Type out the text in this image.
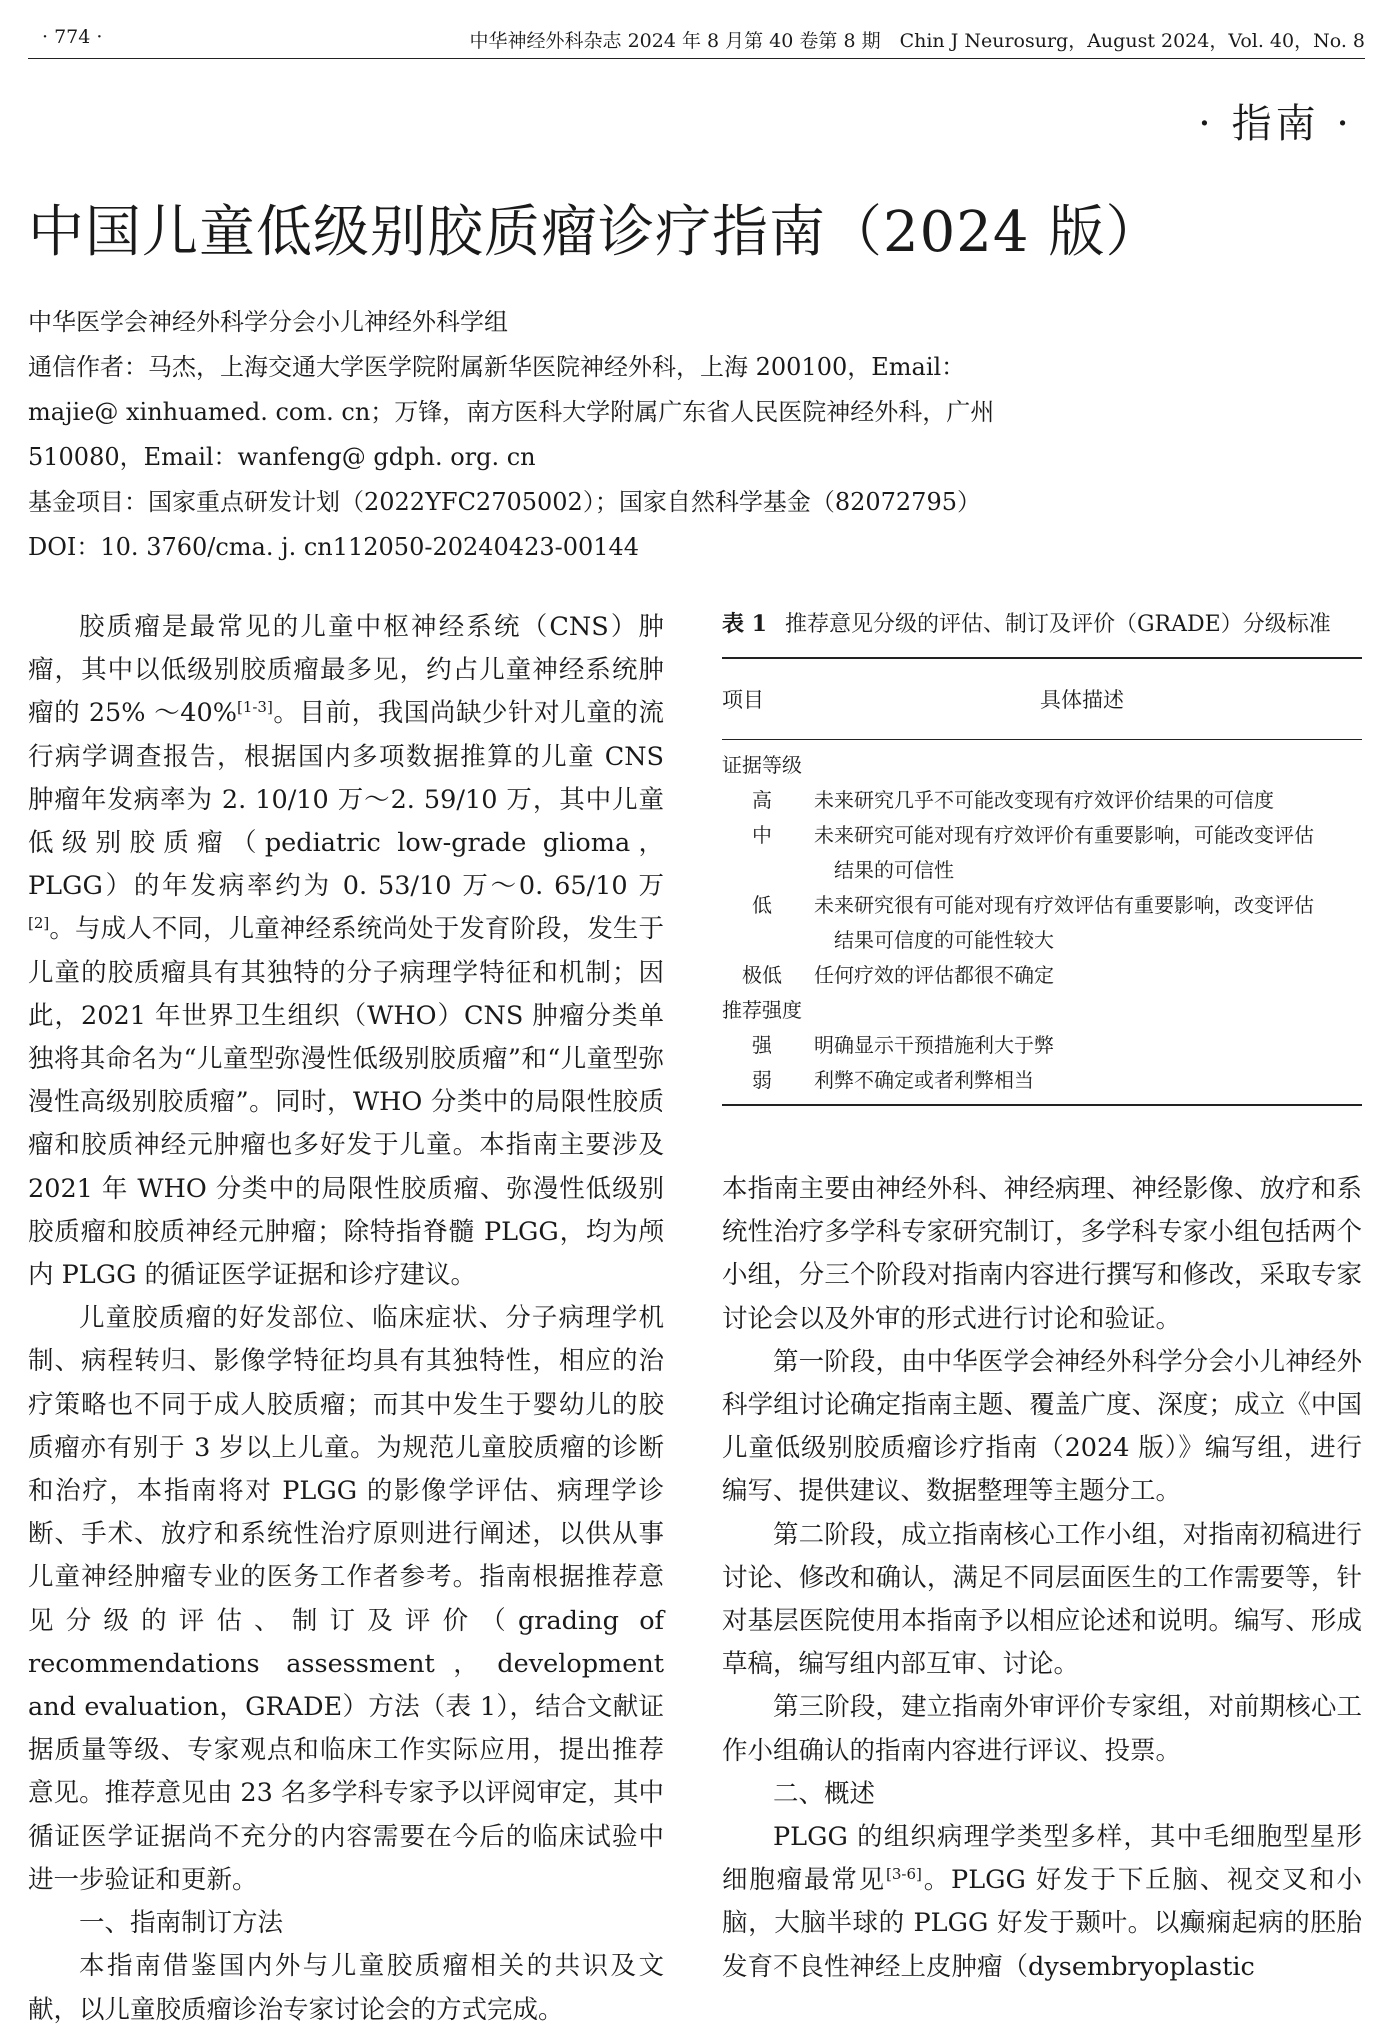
· 774 ·	中华神经外科杂志 2024 年 8 月第 40 卷第 8 期　Chin J Neurosurg，August 2024，Vol. 40，No. 8
· 指南 ·
中国儿童低级别胶质瘤诊疗指南（2024 版）
中华医学会神经外科学分会小儿神经外科学组
通信作者：马杰，上海交通大学医学院附属新华医院神经外科，上海 200100，Email：
majie@ xinhuamed. com. cn；万锋，南方医科大学附属广东省人民医院神经外科，广州
510080，Email：wanfeng@ gdph. org. cn
基金项目：国家重点研发计划（2022YFC2705002）；国家自然科学基金（82072795）
DOI：10. 3760/cma. j. cn112050-20240423-00144

胶质瘤是最常见的儿童中枢神经系统（CNS）肿瘤，其中以低级别胶质瘤最多见，约占儿童神经系统肿瘤的 25% ～40%[1-3]。目前，我国尚缺少针对儿童的流行病学调查报告，根据国内多项数据推算的儿童 CNS 肿瘤年发病率为 2. 10/10 万～2. 59/10 万，其中儿童低级别胶质瘤（pediatric low-grade glioma，PLGG）的年发病率约为 0. 53/10 万～0. 65/10 万[2]。与成人不同，儿童神经系统尚处于发育阶段，发生于儿童的胶质瘤具有其独特的分子病理学特征和机制；因此，2021 年世界卫生组织（WHO）CNS 肿瘤分类单独将其命名为“儿童型弥漫性低级别胶质瘤”和“儿童型弥漫性高级别胶质瘤”。同时，WHO 分类中的局限性胶质瘤和胶质神经元肿瘤也多好发于儿童。本指南主要涉及 2021 年 WHO 分类中的局限性胶质瘤、弥漫性低级别胶质瘤和胶质神经元肿瘤；除特指脊髓 PLGG，均为颅内 PLGG 的循证医学证据和诊疗建议。

儿童胶质瘤的好发部位、临床症状、分子病理学机制、病程转归、影像学特征均具有其独特性，相应的治疗策略也不同于成人胶质瘤；而其中发生于婴幼儿的胶质瘤亦有别于 3 岁以上儿童。为规范儿童胶质瘤的诊断和治疗，本指南将对 PLGG 的影像学评估、病理学诊断、手术、放疗和系统性治疗原则进行阐述，以供从事儿童神经肿瘤专业的医务工作者参考。指南根据推荐意见分级的评估、制订及评价（grading of recommendations assessment，development and evaluation，GRADE）方法（表 1），结合文献证据质量等级、专家观点和临床工作实际应用，提出推荐意见。推荐意见由 23 名多学科专家予以评阅审定，其中循证医学证据尚不充分的内容需要在今后的临床试验中进一步验证和更新。

一、指南制订方法

本指南借鉴国内外与儿童胶质瘤相关的共识及文献，以儿童胶质瘤诊治专家讨论会的方式完成。

表 1 推荐意见分级的评估、制订及评价（GRADE）分级标准
项目	具体描述
证据等级
高	未来研究几乎不可能改变现有疗效评价结果的可信度
中	未来研究可能对现有疗效评价有重要影响，可能改变评估
结果的可信性
低	未来研究很有可能对现有疗效评估有重要影响，改变评估
结果可信度的可能性较大
极低	任何疗效的评估都很不确定
推荐强度
强	明确显示干预措施利大于弊
弱	利弊不确定或者利弊相当

本指南主要由神经外科、神经病理、神经影像、放疗和系统性治疗多学科专家研究制订，多学科专家小组包括两个小组，分三个阶段对指南内容进行撰写和修改，采取专家讨论会以及外审的形式进行讨论和验证。

第一阶段，由中华医学会神经外科学分会小儿神经外科学组讨论确定指南主题、覆盖广度、深度；成立《中国儿童低级别胶质瘤诊疗指南（2024 版）》编写组，进行编写、提供建议、数据整理等主题分工。

第二阶段，成立指南核心工作小组，对指南初稿进行讨论、修改和确认，满足不同层面医生的工作需要等，针对基层医院使用本指南予以相应论述和说明。编写、形成草稿，编写组内部互审、讨论。

第三阶段，建立指南外审评价专家组，对前期核心工作小组确认的指南内容进行评议、投票。

二、概述

PLGG 的组织病理学类型多样，其中毛细胞型星形细胞瘤最常见[3-6]。PLGG 好发于下丘脑、视交叉和小脑，大脑半球的 PLGG 好发于颞叶。以癫痫起病的胚胎发育不良性神经上皮肿瘤（dysembryoplastic
